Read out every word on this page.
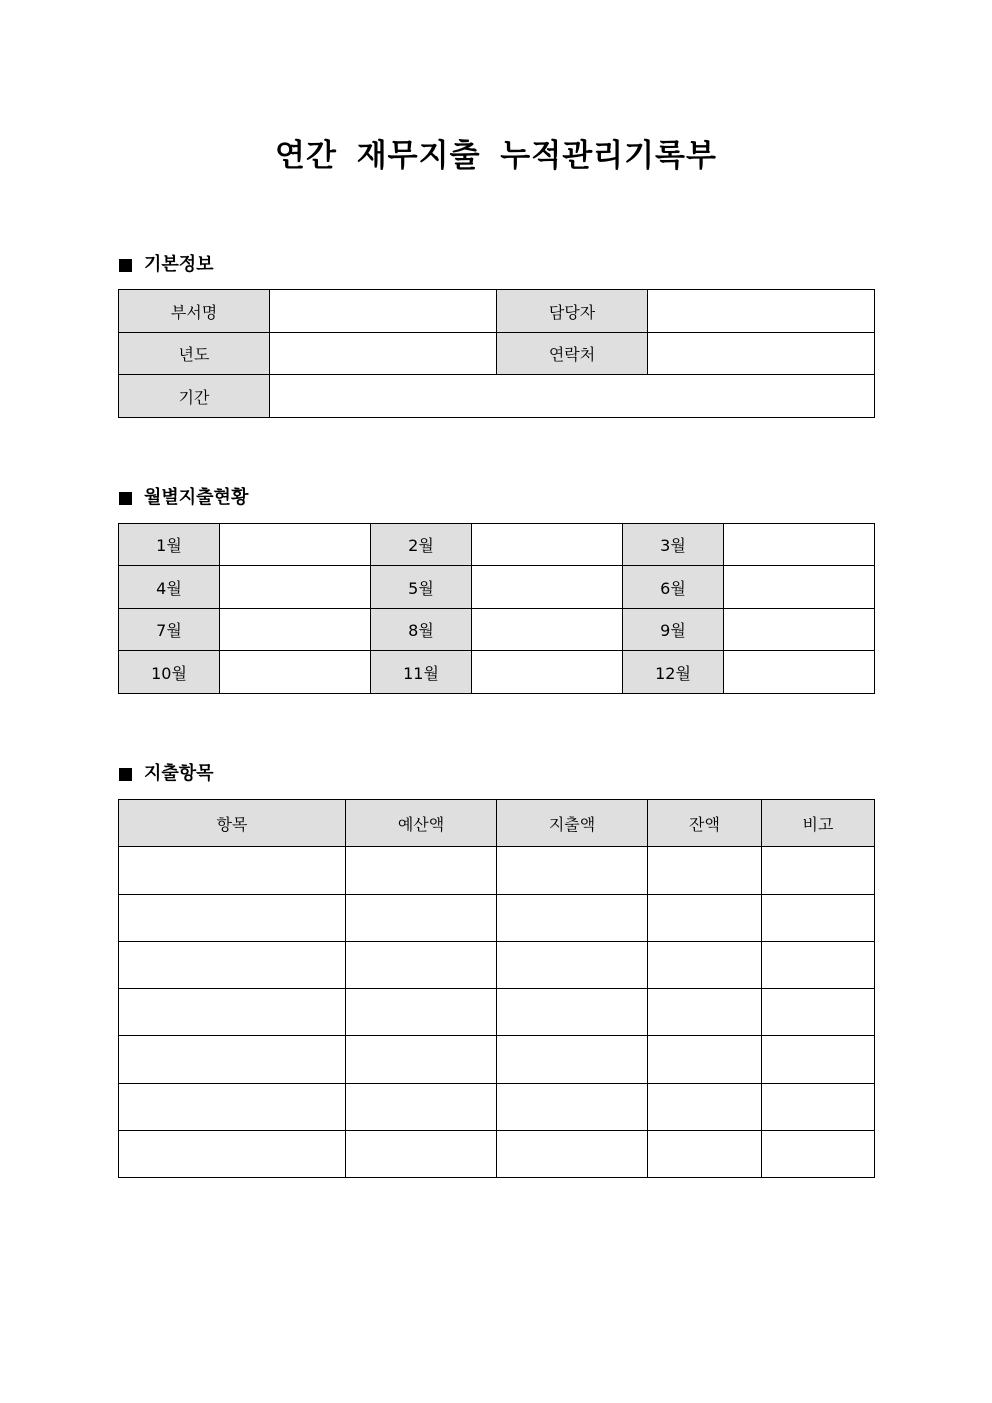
연간 재무지출 누적관리기록부
기본정보
부서명		담당자	
년도		연락처	
기간			
월별지출현황
1월		2월		3월	
4월		5월		6월	
7월		8월		9월	
10월		11월		12월	
지출항목
항목	예산액	지출액	잔액	비고
